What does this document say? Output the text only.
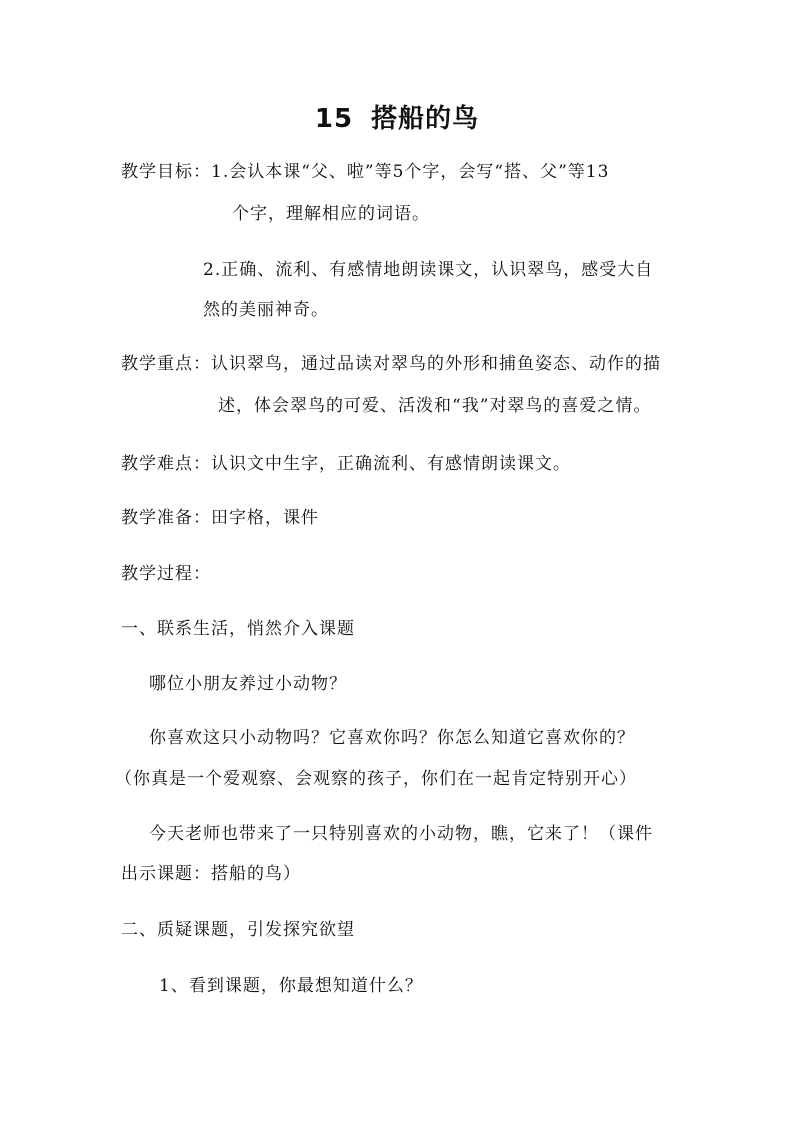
15 搭船的鸟
教学目标：1.会认本课“父、啦”等5个字，会写“搭、父”等13
个字，理解相应的词语。
2.正确、流利、有感情地朗读课文，认识翠鸟，感受大自
然的美丽神奇。
教学重点：认识翠鸟，通过品读对翠鸟的外形和捕鱼姿态、动作的描
述，体会翠鸟的可爱、活泼和“我”对翠鸟的喜爱之情。
教学难点：认识文中生字，正确流利、有感情朗读课文。
教学准备：田字格，课件
教学过程：
一、联系生活，悄然介入课题
哪位小朋友养过小动物？
你喜欢这只小动物吗？它喜欢你吗？你怎么知道它喜欢你的？
（你真是一个爱观察、会观察的孩子，你们在一起肯定特别开心）
今天老师也带来了一只特别喜欢的小动物，瞧，它来了！（课件
出示课题：搭船的鸟）
二、质疑课题，引发探究欲望
1、看到课题，你最想知道什么？
